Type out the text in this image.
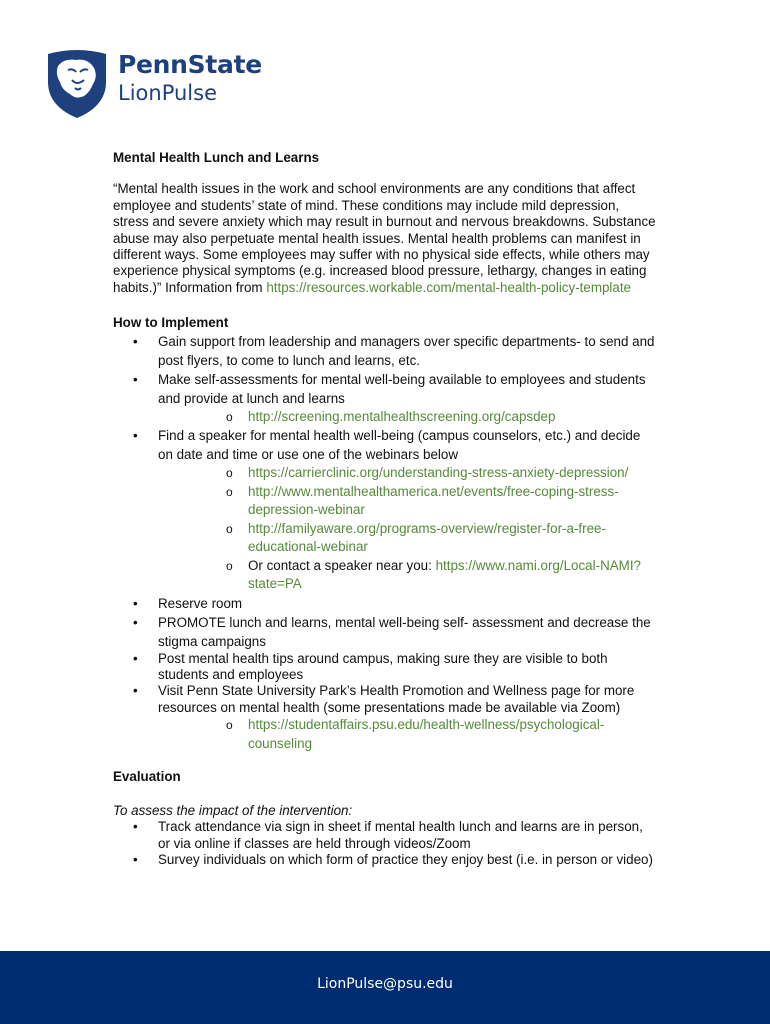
PennState
LionPulse
Mental Health Lunch and Learns
“Mental health issues in the work and school environments are any conditions that affect employee and students’ state of mind. These conditions may include mild depression, stress and severe anxiety which may result in burnout and nervous breakdowns. Substance abuse may also perpetuate mental health issues. Mental health problems can manifest in different ways. Some employees may suffer with no physical side effects, while others may experience physical symptoms (e.g. increased blood pressure, lethargy, changes in eating habits.)” Information from https://resources.workable.com/mental-health-policy-template
How to Implement
• Gain support from leadership and managers over specific departments- to send and post flyers, to come to lunch and learns, etc.
• Make self-assessments for mental well-being available to employees and students and provide at lunch and learns
o http://screening.mentalhealthscreening.org/capsdep
• Find a speaker for mental health well-being (campus counselors, etc.) and decide on date and time or use one of the webinars below
o https://carrierclinic.org/understanding-stress-anxiety-depression/
o http://www.mentalhealthamerica.net/events/free-coping-stress-depression-webinar
o http://familyaware.org/programs-overview/register-for-a-free-educational-webinar
o Or contact a speaker near you: https://www.nami.org/Local-NAMI?state=PA
• Reserve room
• PROMOTE lunch and learns, mental well-being self- assessment and decrease the stigma campaigns
• Post mental health tips around campus, making sure they are visible to both students and employees
• Visit Penn State University Park’s Health Promotion and Wellness page for more resources on mental health (some presentations made be available via Zoom)
o https://studentaffairs.psu.edu/health-wellness/psychological-counseling
Evaluation
To assess the impact of the intervention:
• Track attendance via sign in sheet if mental health lunch and learns are in person, or via online if classes are held through videos/Zoom
• Survey individuals on which form of practice they enjoy best (i.e. in person or video)
LionPulse@psu.edu
